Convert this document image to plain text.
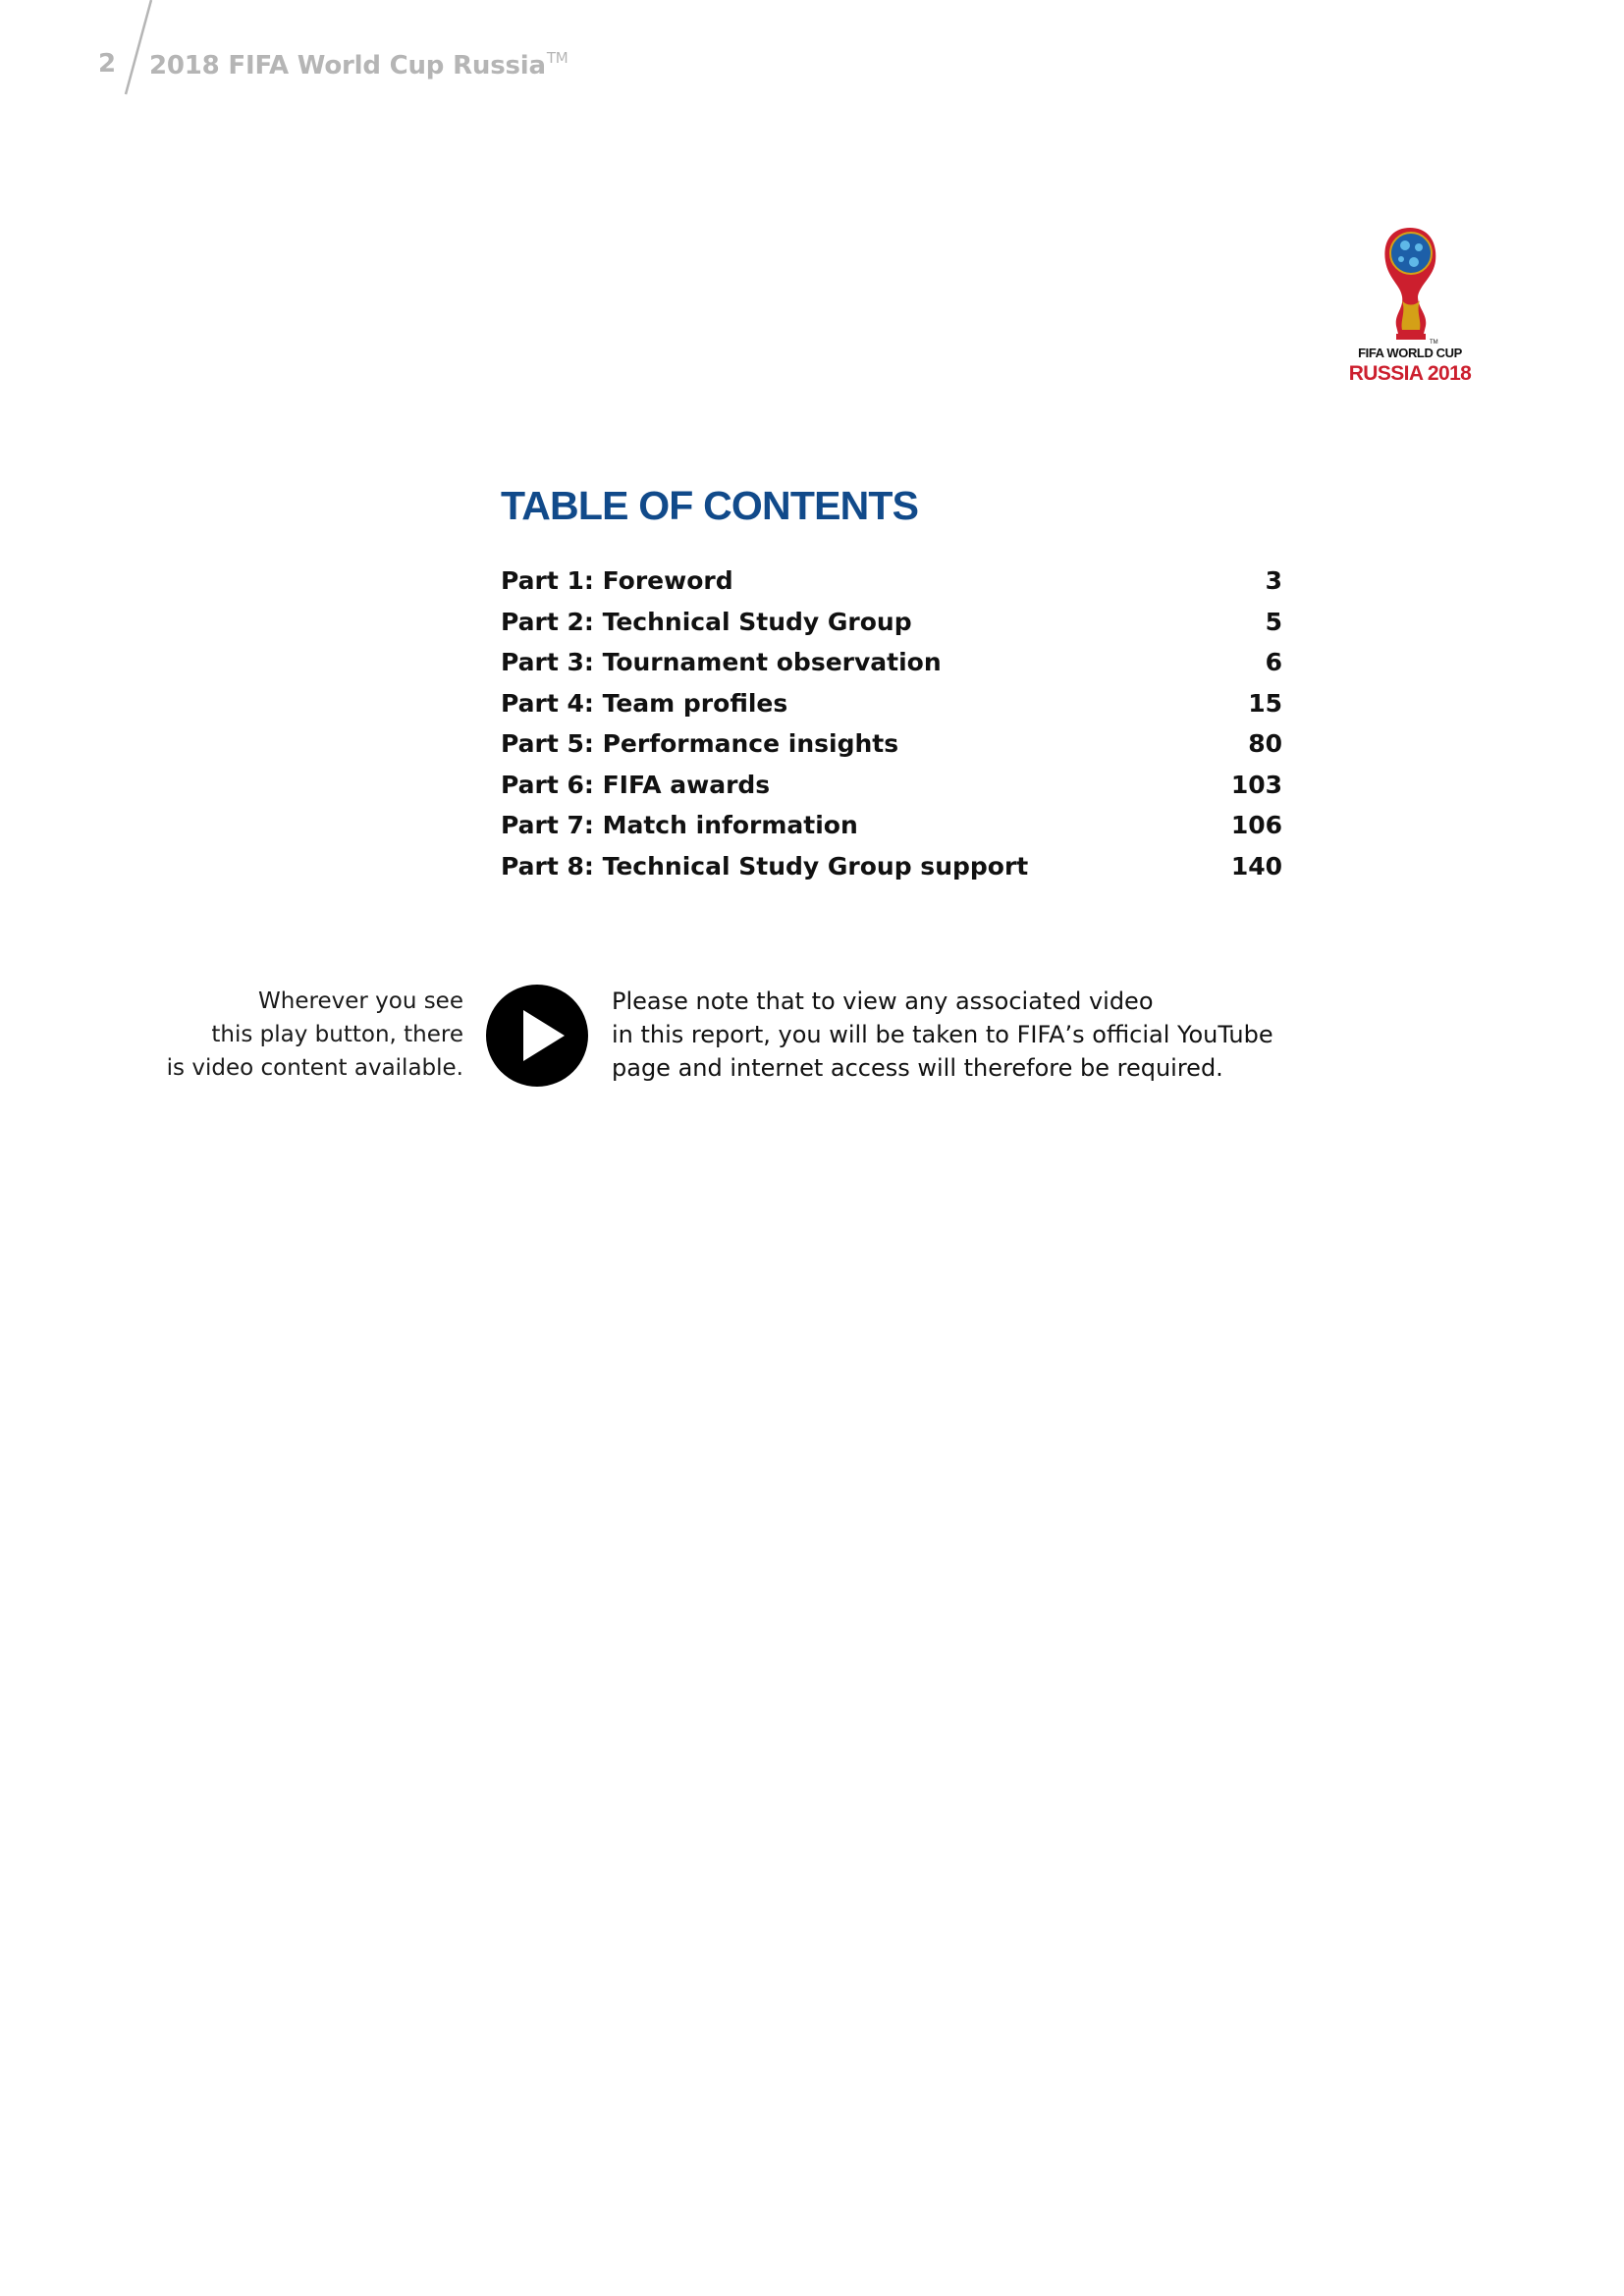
2 2018 FIFA World Cup Russia™
TM
FIFA WORLD CUP
RUSSIA 2018
TABLE OF CONTENTS
Part 1: Foreword	3
Part 2: Technical Study Group	5
Part 3: Tournament observation	6
Part 4: Team profiles	15
Part 5: Performance insights	80
Part 6: FIFA awards	103
Part 7: Match information	106
Part 8: Technical Study Group support	140
Wherever you see
this play button, there
is video content available.
Please note that to view any associated video
in this report, you will be taken to FIFA’s official YouTube
page and internet access will therefore be required.
